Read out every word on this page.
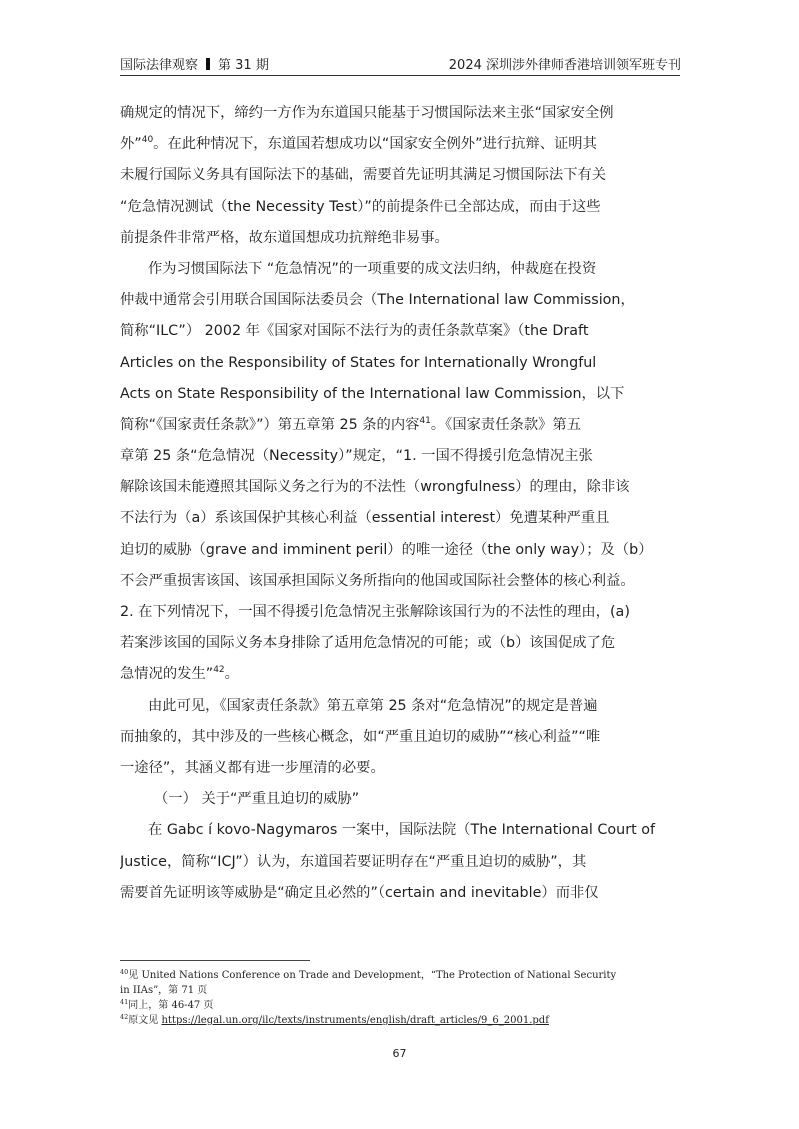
国际法律观察 第 31 期	2024 深圳涉外律师香港培训领军班专刊
确规定的情况下，缔约一方作为东道国只能基于习惯国际法来主张“国家安全例
外”$^{40}$。在此种情况下，东道国若想成功以“国家安全例外”进行抗辩、证明其
未履行国际义务具有国际法下的基础，需要首先证明其满足习惯国际法下有关
“危急情况测试（the Necessity Test）”的前提条件已全部达成，而由于这些
前提条件非常严格，故东道国想成功抗辩绝非易事。
作为习惯国际法下 “危急情况”的一项重要的成文法归纳，仲裁庭在投资
仲裁中通常会引用联合国国际法委员会（The International law Commission，
简称“ILC”） 2002 年《国家对国际不法行为的责任条款草案》（the Draft
Articles on the Responsibility of States for Internationally Wrongful
Acts on State Responsibility of the International law Commission，以下
简称“《国家责任条款》”）第五章第 25 条的内容$^{41}$。《国家责任条款》第五
章第 25 条“危急情况（Necessity）”规定，“1. 一国不得援引危急情况主张
解除该国未能遵照其国际义务之行为的不法性（wrongfulness）的理由，除非该
不法行为（a）系该国保护其核心利益（essential interest）免遭某种严重且
迫切的威胁（grave and imminent peril）的唯一途径（the only way）；及（b）
不会严重损害该国、该国承担国际义务所指向的他国或国际社会整体的核心利益。
2. 在下列情况下，一国不得援引危急情况主张解除该国行为的不法性的理由，(a)
若案涉该国的国际义务本身排除了适用危急情况的可能；或（b）该国促成了危
急情况的发生”$^{42}$。
由此可见，《国家责任条款》第五章第 25 条对“危急情况”的规定是普遍
而抽象的，其中涉及的一些核心概念，如“严重且迫切的威胁”“核心利益”“唯
一途径”，其涵义都有进一步厘清的必要。
（一） 关于“严重且迫切的威胁”
在 Gabc í kovo-Nagymaros 一案中，国际法院（The International Court of
Justice，简称“ICJ”）认为，东道国若要证明存在“严重且迫切的威胁”，其
需要首先证明该等威胁是“确定且必然的”（certain and inevitable）而非仅
$^{40}$见 United Nations Conference on Trade and Development，“The Protection of National Security
in IIAs”，第 71 页
$^{41}$同上，第 46-47 页
$^{42}$原文见 https://legal.un.org/ilc/texts/instruments/english/draft_articles/9_6_2001.pdf
67
